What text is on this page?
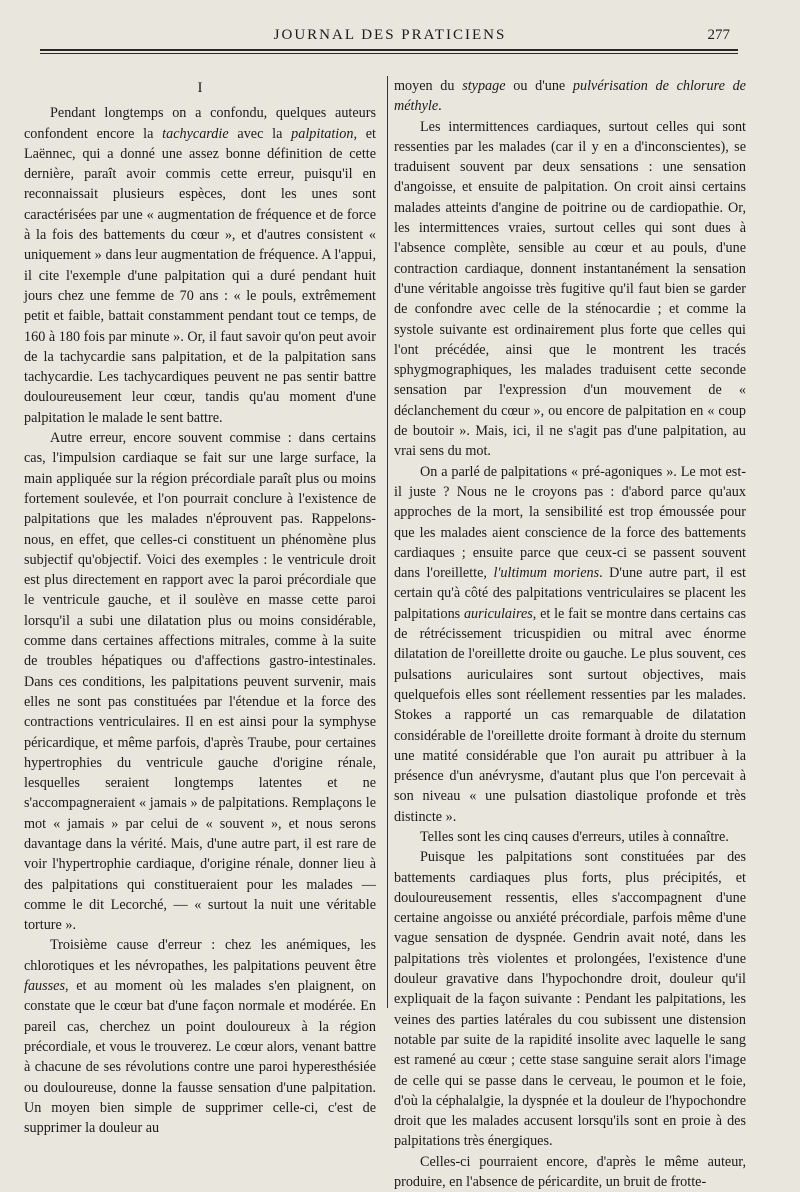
JOURNAL DES PRATICIENS	277
I

Pendant longtemps on a confondu, quelques auteurs confondent encore la tachycardie avec la palpitation, et Laënnec, qui a donné une assez bonne définition de cette dernière, paraît avoir commis cette erreur, puisqu'il en reconnaissait plusieurs espèces, dont les unes sont caractérisées par une « augmentation de fréquence et de force à la fois des battements du cœur », et d'autres consistent « uniquement » dans leur augmentation de fréquence. A l'appui, il cite l'exemple d'une palpitation qui a duré pendant huit jours chez une femme de 70 ans : « le pouls, extrêmement petit et faible, battait constamment pendant tout ce temps, de 160 à 180 fois par minute ». Or, il faut savoir qu'on peut avoir de la tachycardie sans palpitation, et de la palpitation sans tachycardie. Les tachycardiques peuvent ne pas sentir battre douloureusement leur cœur, tandis qu'au moment d'une palpitation le malade le sent battre.

Autre erreur, encore souvent commise : dans certains cas, l'impulsion cardiaque se fait sur une large surface, la main appliquée sur la région précordiale paraît plus ou moins fortement soulevée, et l'on pourrait conclure à l'existence de palpitations que les malades n'éprouvent pas. Rappelons-nous, en effet, que celles-ci constituent un phénomène plus subjectif qu'objectif. Voici des exemples : le ventricule droit est plus directement en rapport avec la paroi précordiale que le ventricule gauche, et il soulève en masse cette paroi lorsqu'il a subi une dilatation plus ou moins considérable, comme dans certaines affections mitrales, comme à la suite de troubles hépatiques ou d'affections gastro-intestinales. Dans ces conditions, les palpitations peuvent survenir, mais elles ne sont pas constituées par l'étendue et la force des contractions ventriculaires. Il en est ainsi pour la symphyse péricardique, et même parfois, d'après Traube, pour certaines hypertrophies du ventricule gauche d'origine rénale, lesquelles seraient longtemps latentes et ne s'accompagneraient « jamais » de palpitations. Remplaçons le mot « jamais » par celui de « souvent », et nous serons davantage dans la vérité. Mais, d'une autre part, il est rare de voir l'hypertrophie cardiaque, d'origine rénale, donner lieu à des palpitations qui constitueraient pour les malades — comme le dit Lecorché, — « surtout la nuit une véritable torture ».

Troisième cause d'erreur : chez les anémiques, les chlorotiques et les névropathes, les palpitations peuvent être fausses, et au moment où les malades s'en plaignent, on constate que le cœur bat d'une façon normale et modérée. En pareil cas, cherchez un point douloureux à la région précordiale, et vous le trouverez. Le cœur alors, venant battre à chacune de ses révolutions contre une paroi hyperesthésiée ou douloureuse, donne la fausse sensation d'une palpitation. Un moyen bien simple de supprimer celle-ci, c'est de supprimer la douleur au

moyen du stypage ou d'une pulvérisation de chlorure de méthyle.

Les intermittences cardiaques, surtout celles qui sont ressenties par les malades (car il y en a d'inconscientes), se traduisent souvent par deux sensations : une sensation d'angoisse, et ensuite de palpitation. On croit ainsi certains malades atteints d'angine de poitrine ou de cardiopathie. Or, les intermittences vraies, surtout celles qui sont dues à l'absence complète, sensible au cœur et au pouls, d'une contraction cardiaque, donnent instantanément la sensation d'une véritable angoisse très fugitive qu'il faut bien se garder de confondre avec celle de la sténocardie ; et comme la systole suivante est ordinairement plus forte que celles qui l'ont précédée, ainsi que le montrent les tracés sphygmographiques, les malades traduisent cette seconde sensation par l'expression d'un mouvement de « déclanchement du cœur », ou encore de palpitation en « coup de boutoir ». Mais, ici, il ne s'agit pas d'une palpitation, au vrai sens du mot.

On a parlé de palpitations « pré-agoniques ». Le mot est-il juste ? Nous ne le croyons pas : d'abord parce qu'aux approches de la mort, la sensibilité est trop émoussée pour que les malades aient conscience de la force des battements cardiaques ; ensuite parce que ceux-ci se passent souvent dans l'oreillette, l'ultimum moriens. D'une autre part, il est certain qu'à côté des palpitations ventriculaires se placent les palpitations auriculaires, et le fait se montre dans certains cas de rétrécissement tricuspidien ou mitral avec énorme dilatation de l'oreillette droite ou gauche. Le plus souvent, ces pulsations auriculaires sont surtout objectives, mais quelquefois elles sont réellement ressenties par les malades. Stokes a rapporté un cas remarquable de dilatation considérable de l'oreillette droite formant à droite du sternum une matité considérable que l'on aurait pu attribuer à la présence d'un anévrysme, d'autant plus que l'on percevait à son niveau « une pulsation diastolique profonde et très distincte ».

Telles sont les cinq causes d'erreurs, utiles à connaître.

Puisque les palpitations sont constituées par des battements cardiaques plus forts, plus précipités, et douloureusement ressentis, elles s'accompagnent d'une certaine angoisse ou anxiété précordiale, parfois même d'une vague sensation de dyspnée. Gendrin avait noté, dans les palpitations très violentes et prolongées, l'existence d'une douleur gravative dans l'hypochondre droit, douleur qu'il expliquait de la façon suivante : Pendant les palpitations, les veines des parties latérales du cou subissent une distension notable par suite de la rapidité insolite avec laquelle le sang est ramené au cœur ; cette stase sanguine serait alors l'image de celle qui se passe dans le cerveau, le poumon et le foie, d'où la céphalalgie, la dyspnée et la douleur de l'hypochondre droit que les malades accusent lorsqu'ils sont en proie à des palpitations très énergiques.

Celles-ci pourraient encore, d'après le même auteur, produire, en l'absence de péricardite, un bruit de frotte-
